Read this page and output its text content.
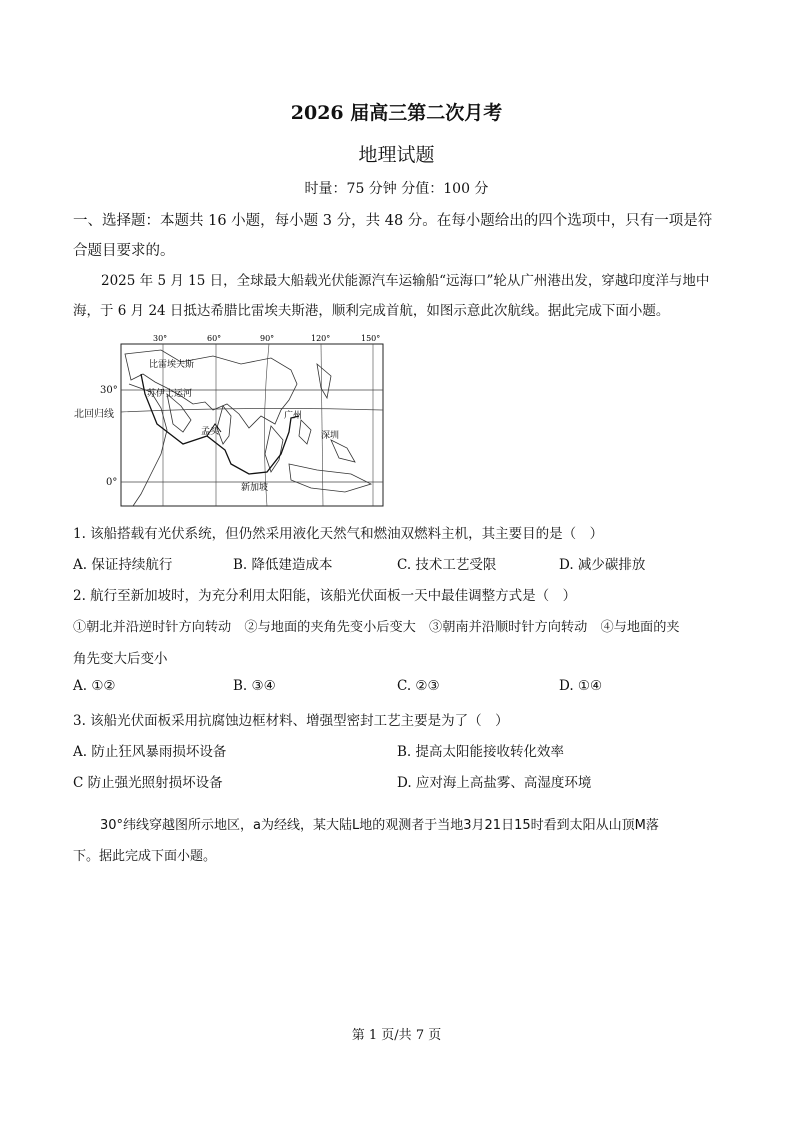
2026 届高三第二次月考
地理试题
时量：75 分钟 分值：100 分
一、选择题：本题共 16 小题，每小题 3 分，共 48 分。在每小题给出的四个选项中，只有一项是符合题目要求的。
2025 年 5 月 15 日，全球最大船载光伏能源汽车运输船“远海口”轮从广州港出发，穿越印度洋与地中海，于 6 月 24 日抵达希腊比雷埃夫斯港，顺利完成首航，如图示意此次航线。据此完成下面小题。
30°	60°	90°	120°	150°
比雷埃夫斯
苏伊士运河
广州
孟买	深圳
新加坡
30°
北回归线
0°
1. 该船搭载有光伏系统，但仍然采用液化天然气和燃油双燃料主机，其主要目的是（　）
A. 保证持续航行	B. 降低建造成本	C. 技术工艺受限	D. 减少碳排放
2. 航行至新加坡时，为充分利用太阳能，该船光伏面板一天中最佳调整方式是（　）
①朝北并沿逆时针方向转动　②与地面的夹角先变小后变大　③朝南并沿顺时针方向转动　④与地面的夹
角先变大后变小
A. ①②	B. ③④	C. ②③	D. ①④
3. 该船光伏面板采用抗腐蚀边框材料、增强型密封工艺主要是为了（　）
A. 防止狂风暴雨损坏设备	B. 提高太阳能接收转化效率
C 防止强光照射损坏设备	D. 应对海上高盐雾、高湿度环境
30°纬线穿越图所示地区，a为经线，某大陆L地的观测者于当地3月21日15时看到太阳从山顶M落
下。据此完成下面小题。
第 1 页/共 7 页
